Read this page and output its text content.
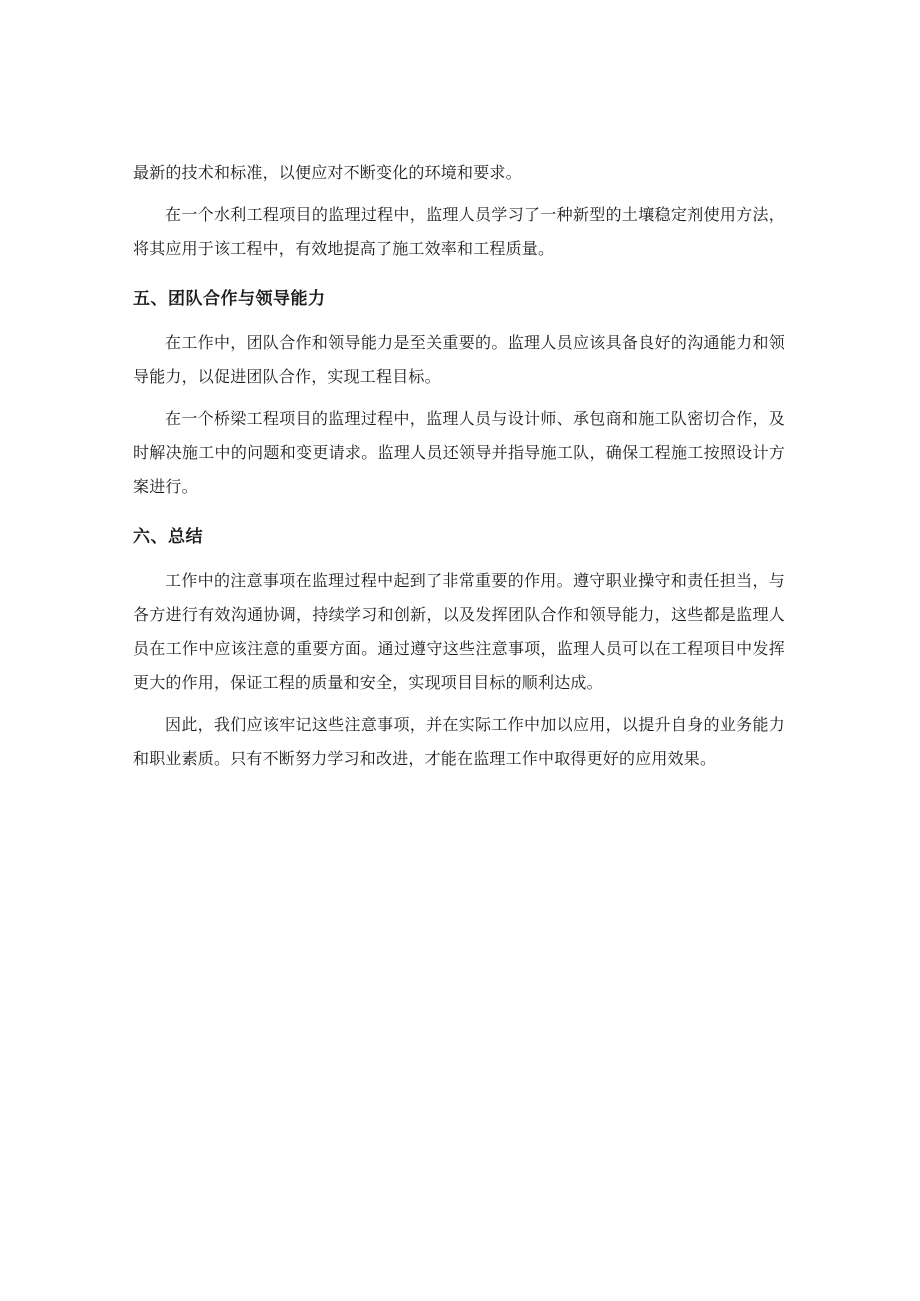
最新的技术和标准，以便应对不断变化的环境和要求。

在一个水利工程项目的监理过程中，监理人员学习了一种新型的土壤稳定剂使用方法，将其应用于该工程中，有效地提高了施工效率和工程质量。

五、团队合作与领导能力

在工作中，团队合作和领导能力是至关重要的。监理人员应该具备良好的沟通能力和领导能力，以促进团队合作，实现工程目标。

在一个桥梁工程项目的监理过程中，监理人员与设计师、承包商和施工队密切合作，及时解决施工中的问题和变更请求。监理人员还领导并指导施工队，确保工程施工按照设计方案进行。

六、总结

工作中的注意事项在监理过程中起到了非常重要的作用。遵守职业操守和责任担当，与各方进行有效沟通协调，持续学习和创新，以及发挥团队合作和领导能力，这些都是监理人员在工作中应该注意的重要方面。通过遵守这些注意事项，监理人员可以在工程项目中发挥更大的作用，保证工程的质量和安全，实现项目目标的顺利达成。

因此，我们应该牢记这些注意事项，并在实际工作中加以应用，以提升自身的业务能力和职业素质。只有不断努力学习和改进，才能在监理工作中取得更好的应用效果。
